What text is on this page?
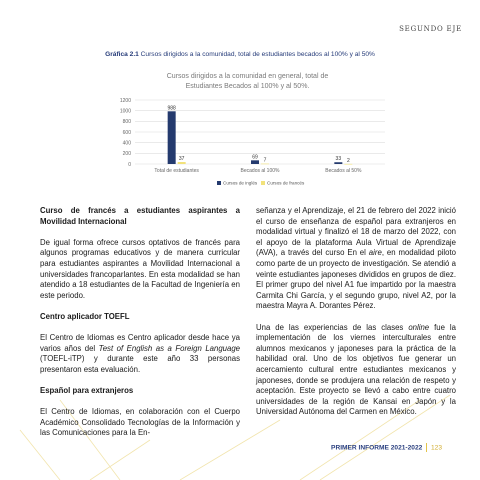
SEGUNDO EJE
Gráfica 2.1 Cursos dirigidos a la comunidad, total de estudiantes becados al 100% y al 50%
0
200
400
600
800
1000
1200
988
37
Total de estudiantes
69
7
Becados al 100%
33 2
Becados al 50%
Cursos de inglés Cursos de francés
Cursos dirigidos a la comunidad en general, total de
Estudiantes Becados al 100% y al 50%.

Curso de francés a estudiantes aspirantes a Movilidad Internacional

De igual forma ofrece cursos optativos de francés para algunos programas educativos y de manera curricular para estudiantes aspirantes a Movilidad Internacional a universidades francoparlantes. En esta modalidad se han atendido a 18 estudiantes de la Facultad de Ingeniería en este periodo.

Centro aplicador TOEFL

El Centro de Idiomas es Centro aplicador desde hace ya varios años del Test of English as a Foreign Language (TOEFL-iTP) y durante este año 33 personas presentaron esta evaluación.

Español para extranjeros

El Centro de Idiomas, en colaboración con el Cuerpo Académico Consolidado Tecnologías de la Información y las Comunicaciones para la En-

señanza y el Aprendizaje, el 21 de febrero del 2022 inició el curso de enseñanza de español para extranjeros en modalidad virtual y finalizó el 18 de marzo del 2022, con el apoyo de la plataforma Aula Virtual de Aprendizaje (AVA), a través del curso En el aire, en modalidad piloto como parte de un proyecto de investigación. Se atendió a veinte estudiantes japoneses divididos en grupos de diez. El primer grupo del nivel A1 fue impartido por la maestra Carmita Chi García, y el segundo grupo, nivel A2, por la maestra Mayra A. Dorantes Pérez.

Una de las experiencias de las clases online fue la implementación de los viernes interculturales entre alumnos mexicanos y japoneses para la práctica de la habilidad oral. Uno de los objetivos fue generar un acercamiento cultural entre estudiantes mexicanos y japoneses, donde se produjera una relación de respeto y aceptación. Este proyecto se llevó a cabo entre cuatro universidades de la región de Kansai en Japón y la Universidad Autónoma del Carmen en México.

PRIMER INFORME 2021-2022 123
